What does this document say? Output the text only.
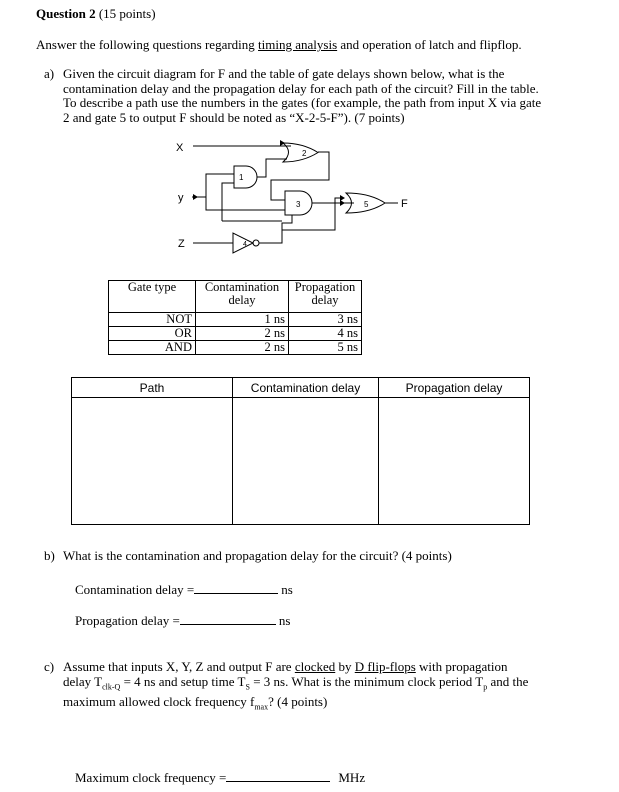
Question 2 (15 points)
Answer the following questions regarding timing analysis and operation of latch and flipflop.
a) Given the circuit diagram for F and the table of gate delays shown below, what is the
contamination delay and the propagation delay for each path of the circuit? Fill in the table.
To describe a path use the numbers in the gates (for example, the path from input X via gate
2 and gate 5 to output F should be noted as “X-2-5-F”). (7 points)
X
y
Z
F
1
2
3
4
5
Gate type	Contamination delay	Propagation delay
NOT	1 ns	3 ns
OR	2 ns	4 ns
AND	2 ns	5 ns
Path	Contamination delay	Propagation delay

b) What is the contamination and propagation delay for the circuit? (4 points)
Contamination delay =	ns
Propagation delay =	ns
c) Assume that inputs X, Y, Z and output F are clocked by D flip-flops with propagation
delay $T_{clk-Q} = 4$ ns and setup time $T_S = 3$ ns. What is the minimum clock period $T_p$ and the
maximum allowed clock frequency $f_{max}$? (4 points)
Maximum clock frequency =	MHz
